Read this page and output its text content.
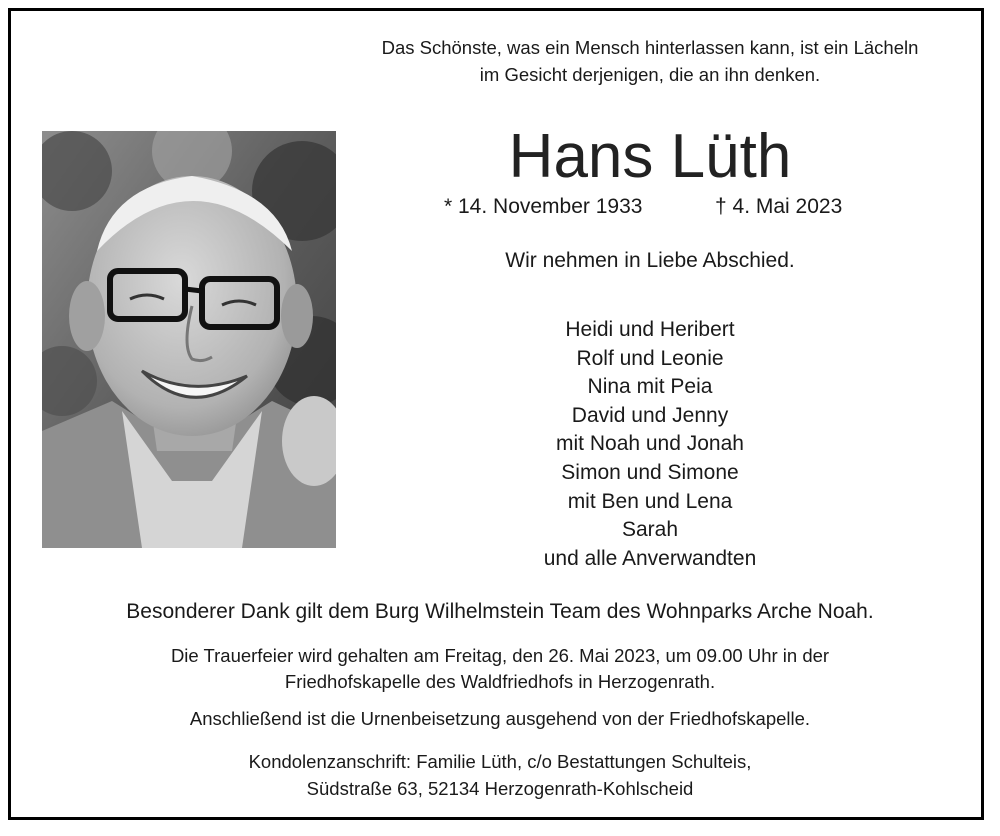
Das Schönste, was ein Mensch hinterlassen kann, ist ein Lächeln
im Gesicht derjenigen, die an ihn denken.
Hans Lüth
* 14. November 1933	† 4. Mai 2023
Wir nehmen in Liebe Abschied.
Heidi und Heribert
Rolf und Leonie
Nina mit Peia
David und Jenny
mit Noah und Jonah
Simon und Simone
mit Ben und Lena
Sarah
und alle Anverwandten
Besonderer Dank gilt dem Burg Wilhelmstein Team des Wohnparks Arche Noah.
Die Trauerfeier wird gehalten am Freitag, den 26. Mai 2023, um 09.00 Uhr in der
Friedhofskapelle des Waldfriedhofs in Herzogenrath.
Anschließend ist die Urnenbeisetzung ausgehend von der Friedhofskapelle.
Kondolenzanschrift: Familie Lüth, c/o Bestattungen Schulteis,
Südstraße 63, 52134 Herzogenrath-Kohlscheid
